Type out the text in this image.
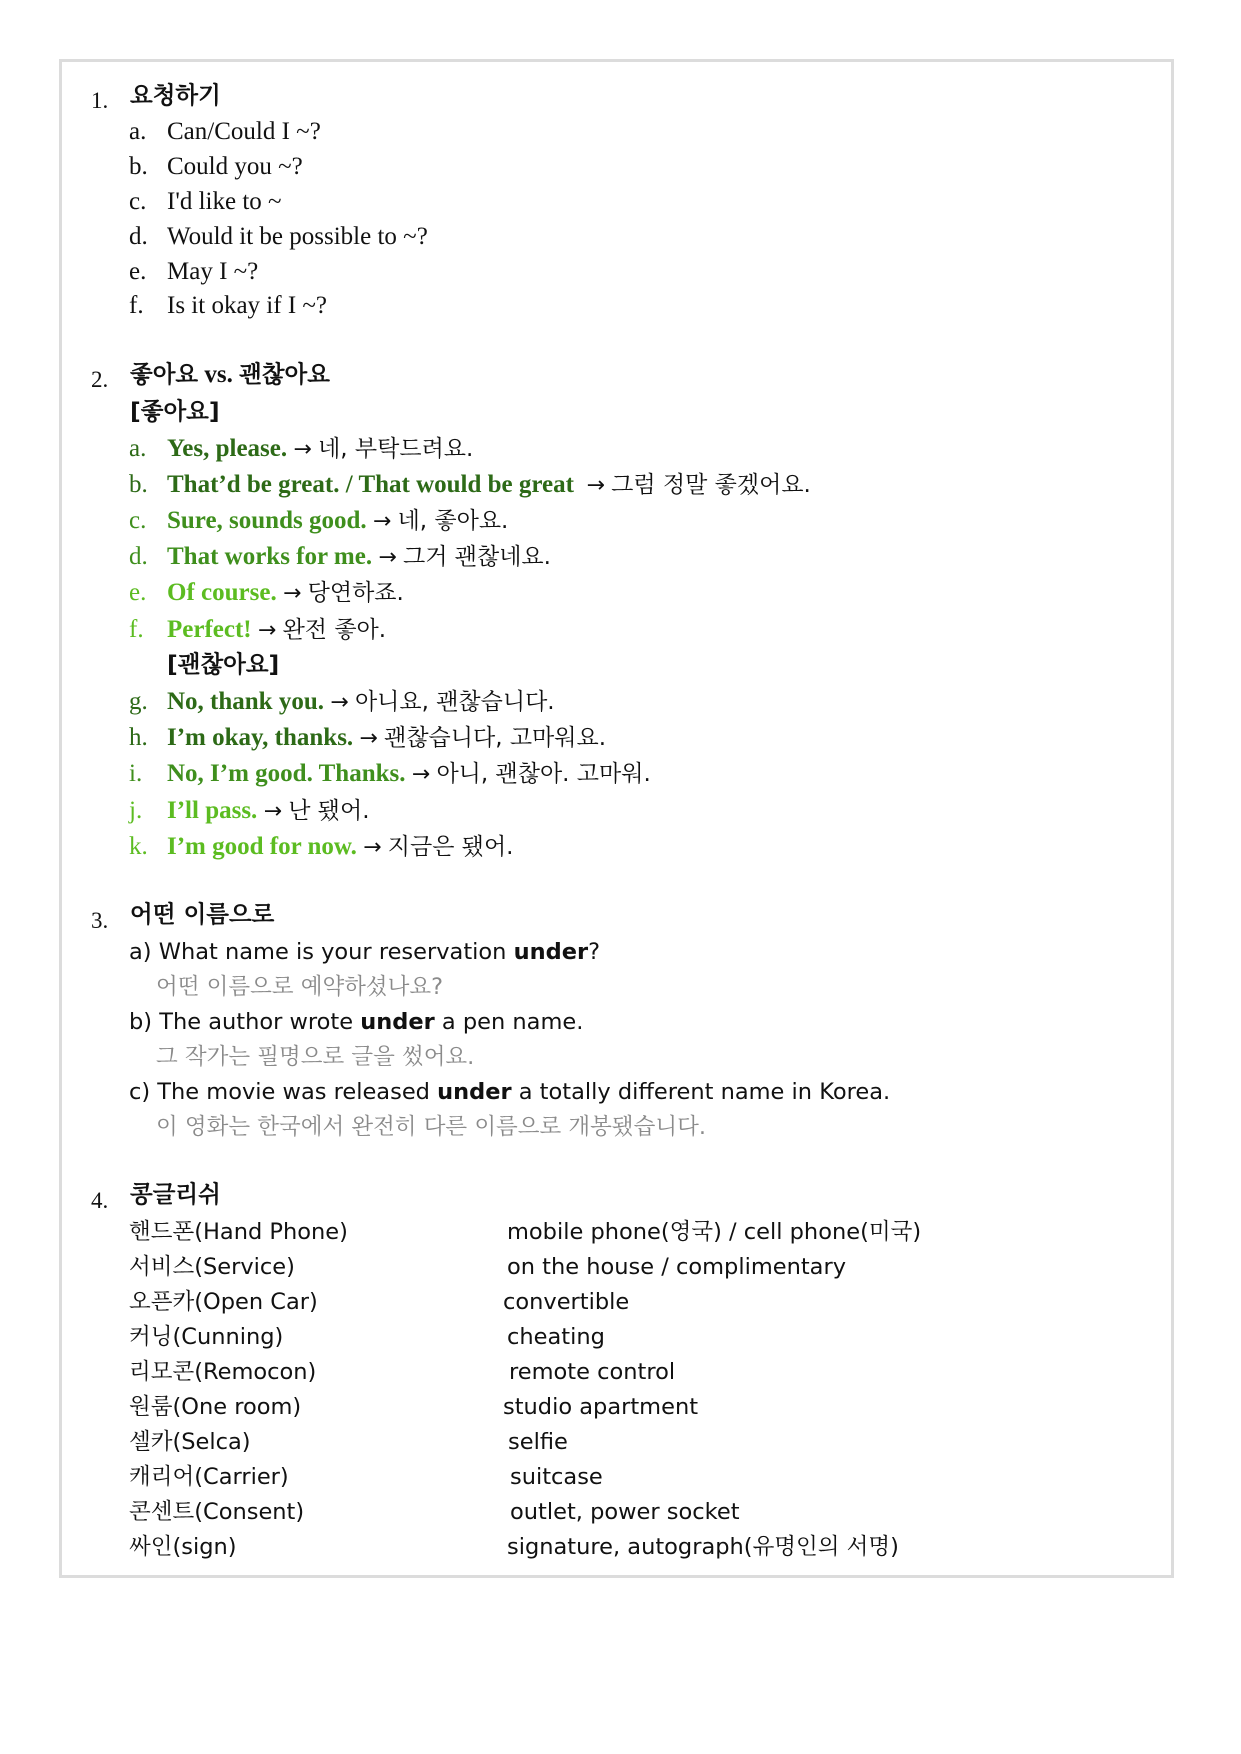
1. 요청하기
a. Can/Could I ~?
b. Could you ~?
c. I'd like to ~
d. Would it be possible to ~?
e. May I ~?
f. Is it okay if I ~?
2. 좋아요 vs. 괜찮아요
[좋아요]
a. Yes, please. → 네, 부탁드려요.
b. That’d be great. / That would be great → 그럼 정말 좋겠어요.
c. Sure, sounds good. → 네, 좋아요.
d. That works for me. → 그거 괜찮네요.
e. Of course. → 당연하죠.
f. Perfect! → 완전 좋아.
[괜찮아요]
g. No, thank you. → 아니요, 괜찮습니다.
h. I’m okay, thanks. → 괜찮습니다, 고마워요.
i. No, I’m good. Thanks. → 아니, 괜찮아. 고마워.
j. I’ll pass. → 난 됐어.
k. I’m good for now. → 지금은 됐어.
3. 어떤 이름으로
a) What name is your reservation under?
어떤 이름으로 예약하셨나요?
b) The author wrote under a pen name.
그 작가는 필명으로 글을 썼어요.
c) The movie was released under a totally different name in Korea.
이 영화는 한국에서 완전히 다른 이름으로 개봉됐습니다.
4. 콩글리쉬
핸드폰(Hand Phone)	mobile phone(영국) / cell phone(미국)
서비스(Service)	on the house / complimentary
오픈카(Open Car)	convertible
커닝(Cunning)	cheating
리모콘(Remocon)	remote control
원룸(One room)	studio apartment
셀카(Selca)	selfie
캐리어(Carrier)	suitcase
콘센트(Consent)	outlet, power socket
싸인(sign)	signature, autograph(유명인의 서명)
